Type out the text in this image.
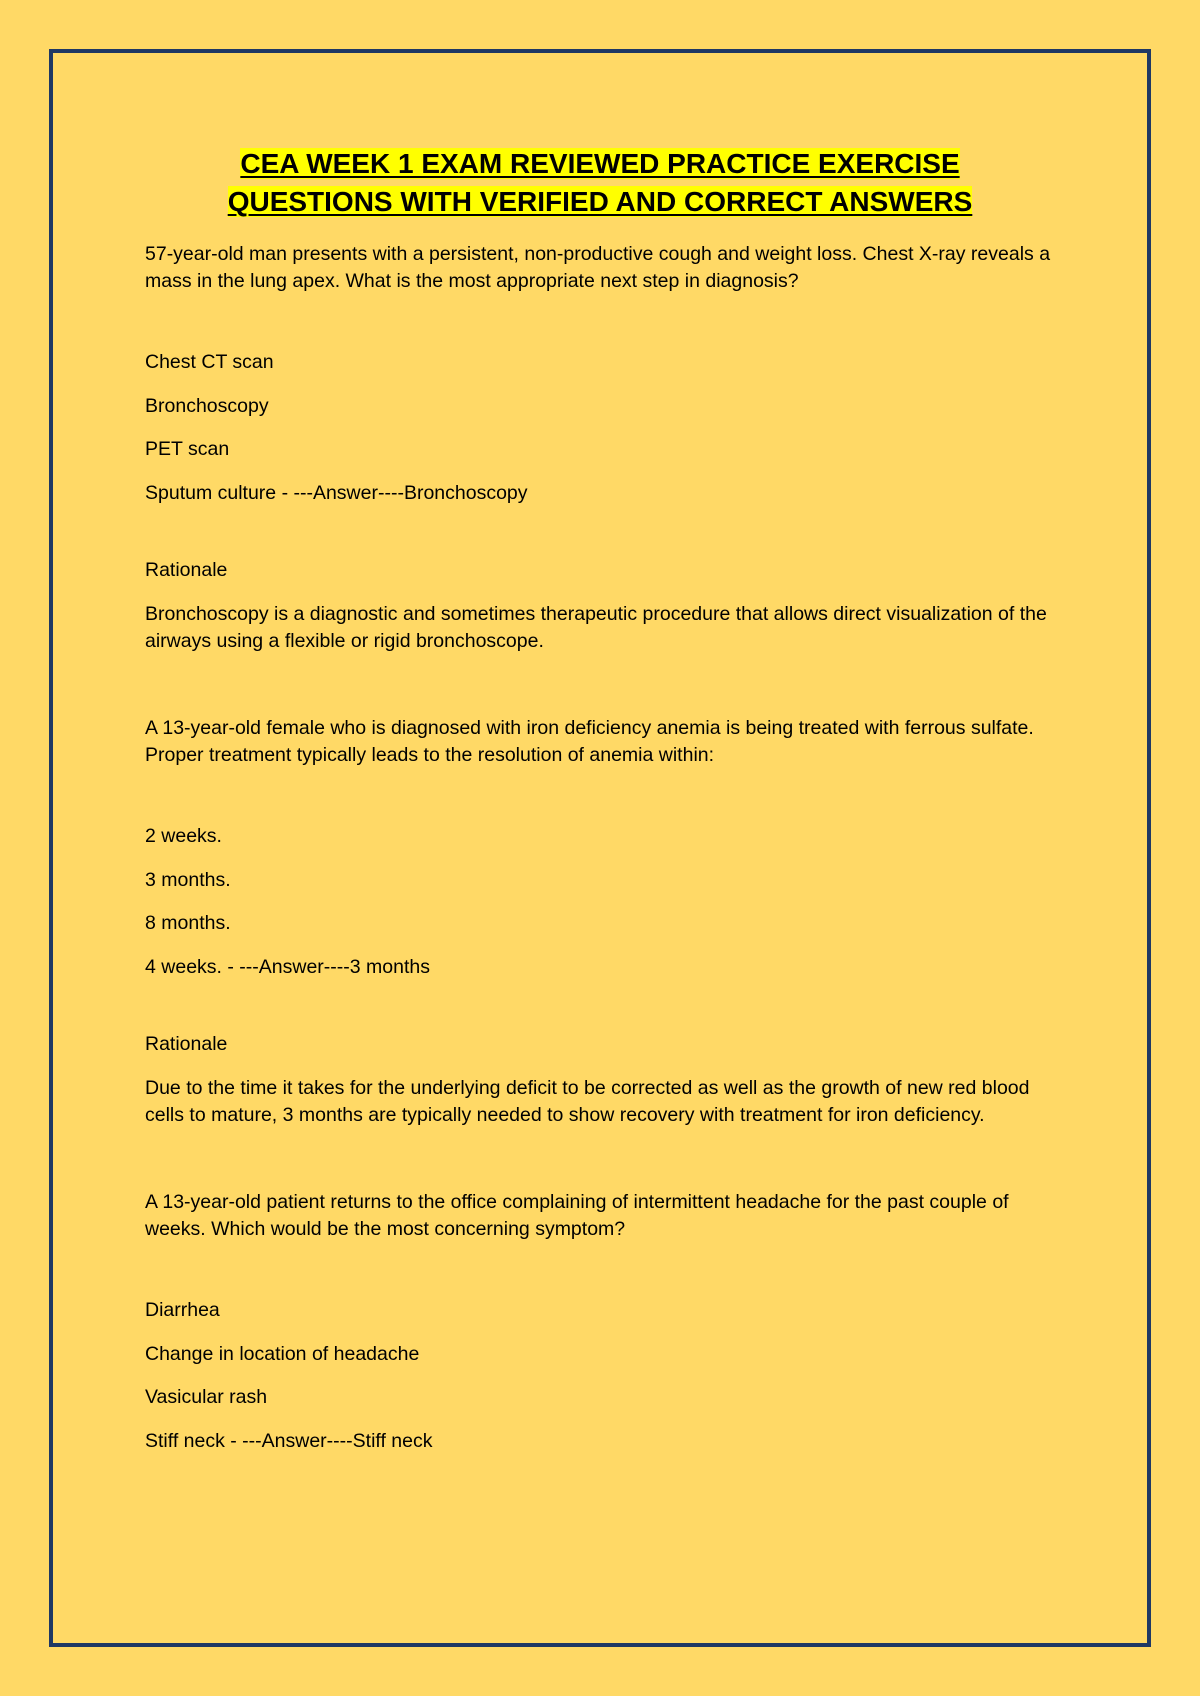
CEA WEEK 1 EXAM REVIEWED PRACTICE EXERCISE
QUESTIONS WITH VERIFIED AND CORRECT ANSWERS

57-year-old man presents with a persistent, non-productive cough and weight loss. Chest X-ray reveals a mass in the lung apex. What is the most appropriate next step in diagnosis?

Chest CT scan

Bronchoscopy

PET scan

Sputum culture - ---Answer----Bronchoscopy

Rationale

Bronchoscopy is a diagnostic and sometimes therapeutic procedure that allows direct visualization of the airways using a flexible or rigid bronchoscope.

A 13-year-old female who is diagnosed with iron deficiency anemia is being treated with ferrous sulfate. Proper treatment typically leads to the resolution of anemia within:

2 weeks.

3 months.

8 months.

4 weeks. - ---Answer----3 months

Rationale

Due to the time it takes for the underlying deficit to be corrected as well as the growth of new red blood cells to mature, 3 months are typically needed to show recovery with treatment for iron deficiency.

A 13-year-old patient returns to the office complaining of intermittent headache for the past couple of weeks. Which would be the most concerning symptom?

Diarrhea

Change in location of headache

Vasicular rash

Stiff neck - ---Answer----Stiff neck
